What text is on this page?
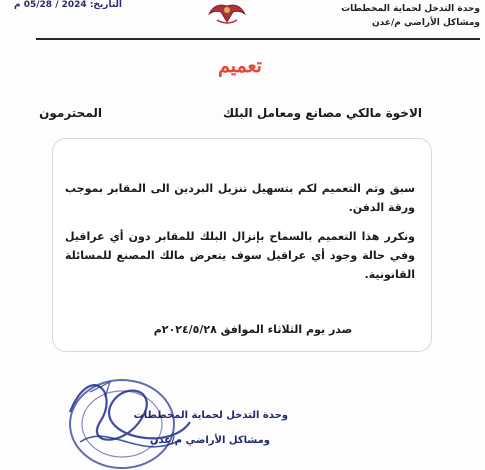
التاريخ: 2024 / 05/28 م	وحدة التدخل لحماية المخططات
ومشاكل الأراضي م/عدن
تعميم
الاخوة مالكي مصانع ومعامل البلك
المحترمون

سبق وتم التعميم لكم بتسهيل تنزيل البردين الى المقابر بموجب ورقة الدفن.

ونكرر هذا التعميم بالسماح بإنزال البلك للمقابر دون أي عراقيل وفي حالة وجود أي عراقيل سوف يتعرض مالك المصنع للمسائلة القانونية.

صدر يوم الثلاثاء الموافق ٢٠٢٤/٥/٢٨م
وحدة التدخل لحماية المخططات
ومشاكل الأراضي م/عدن
